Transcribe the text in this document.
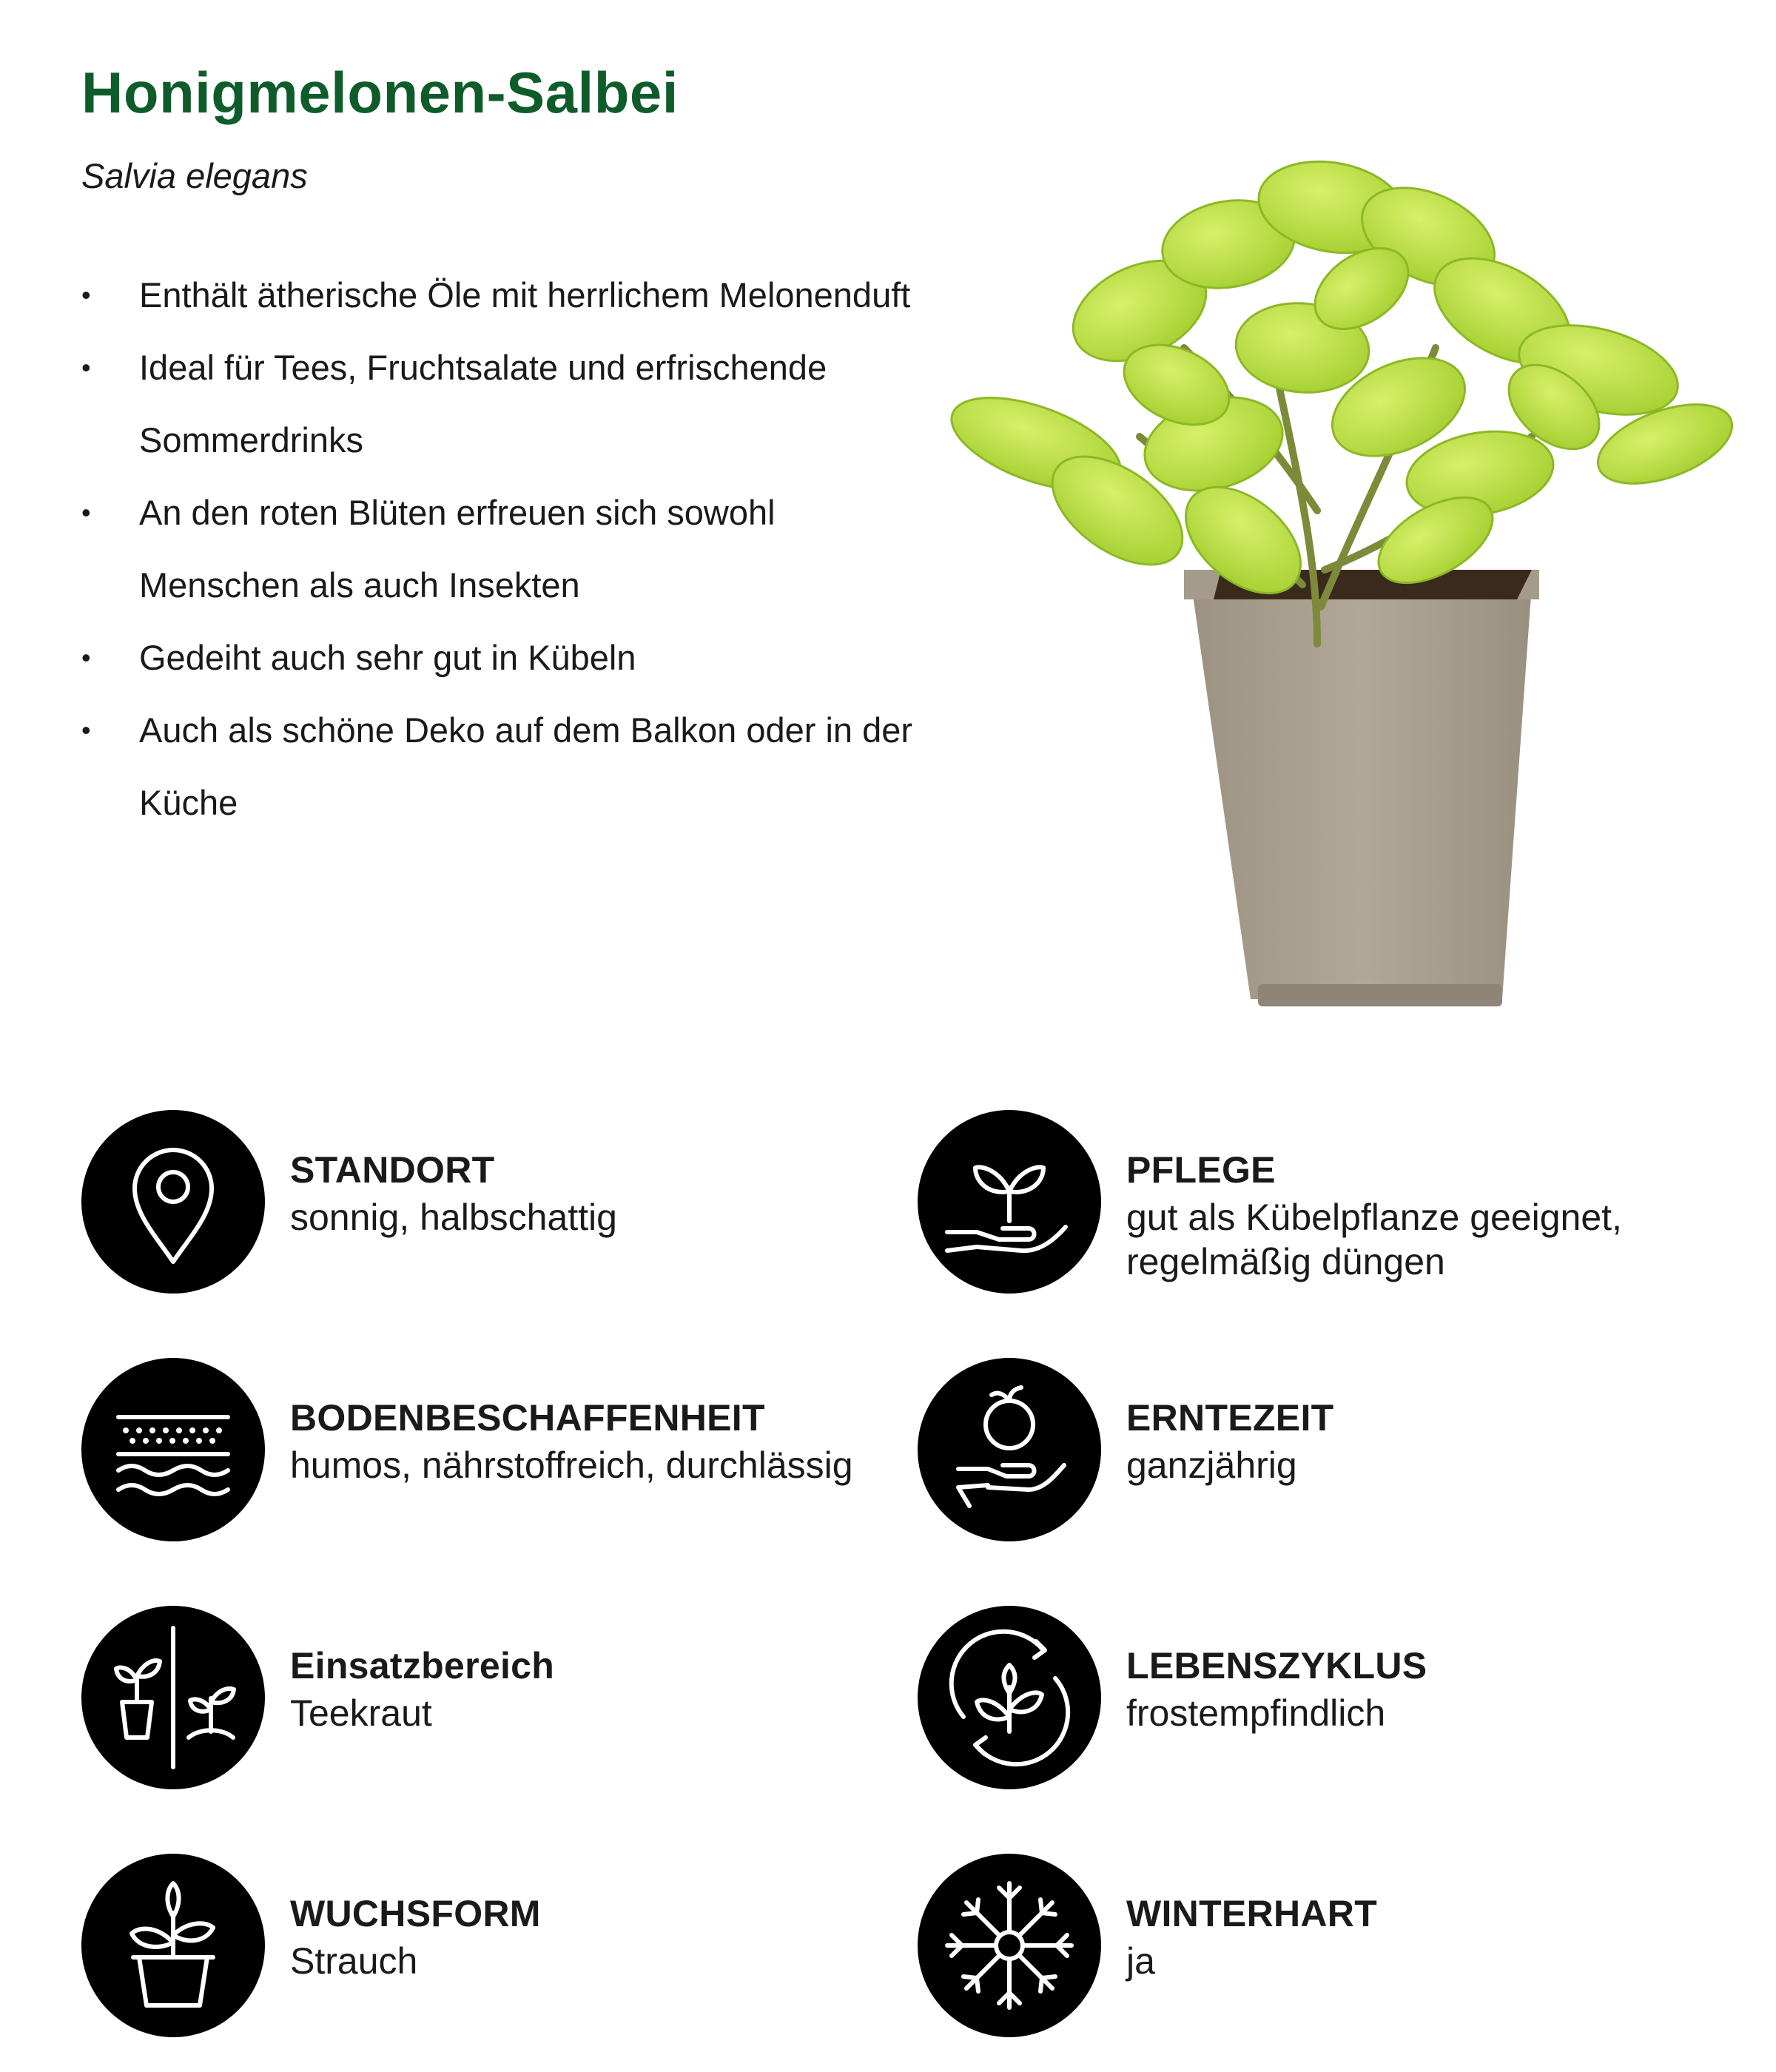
Honigmelonen-Salbei

Salvia elegans

• Enthält ätherische Öle mit herrlichem Melonenduft
• Ideal für Tees, Fruchtsalate und erfrischende Sommerdrinks
• An den roten Blüten erfreuen sich sowohl Menschen als auch Insekten
• Gedeiht auch sehr gut in Kübeln
• Auch als schöne Deko auf dem Balkon oder in der Küche
STANDORT
sonnig, halbschattig
PFLEGE
gut als Kübelpflanze geeignet,
regelmäßig düngen
BODENBESCHAFFENHEIT
humos, nährstoffreich, durchlässig
ERNTEZEIT
ganzjährig
Einsatzbereich
Teekraut
LEBENSZYKLUS
frostempfindlich
WUCHSFORM
Strauch
WINTERHART
ja
